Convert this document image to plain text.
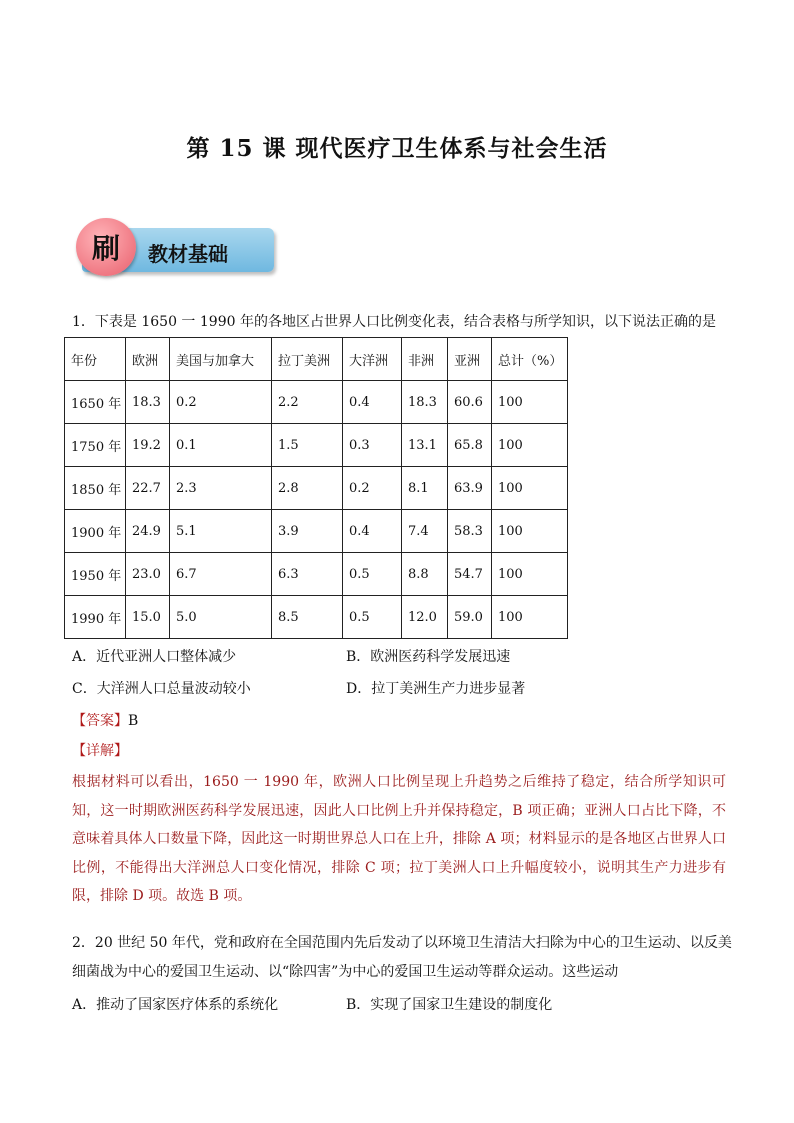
第 15 课 现代医疗卫生体系与社会生活
刷	教材基础
1．下表是 1650 一 1990 年的各地区占世界人口比例变化表，结合表格与所学知识，以下说法正确的是
年份	欧洲	美国与加拿大	拉丁美洲	大洋洲	非洲	亚洲	总计（%）
1650 年	18.3	0.2	2.2	0.4	18.3	60.6	100
1750 年	19.2	0.1	1.5	0.3	13.1	65.8	100
1850 年	22.7	2.3	2.8	0.2	8.1	63.9	100
1900 年	24.9	5.1	3.9	0.4	7.4	58.3	100
1950 年	23.0	6.7	6.3	0.5	8.8	54.7	100
1990 年	15.0	5.0	8.5	0.5	12.0	59.0	100
A．近代亚洲人口整体减少	B．欧洲医药科学发展迅速
C．大洋洲人口总量波动较小	D．拉丁美洲生产力进步显著
【答案】B
【详解】
根据材料可以看出，1650 一 1990 年，欧洲人口比例呈现上升趋势之后维持了稳定，结合所学知识可知，这一时期欧洲医药科学发展迅速，因此人口比例上升并保持稳定，B 项正确；亚洲人口占比下降，不意味着具体人口数量下降，因此这一时期世界总人口在上升，排除 A 项；材料显示的是各地区占世界人口比例，不能得出大洋洲总人口变化情况，排除 C 项；拉丁美洲人口上升幅度较小，说明其生产力进步有限，排除 D 项。故选 B 项。
2．20 世纪 50 年代，党和政府在全国范围内先后发动了以环境卫生清洁大扫除为中心的卫生运动、以反美
细菌战为中心的爱国卫生运动、以“除四害”为中心的爱国卫生运动等群众运动。这些运动
A．推动了国家医疗体系的系统化	B．实现了国家卫生建设的制度化
